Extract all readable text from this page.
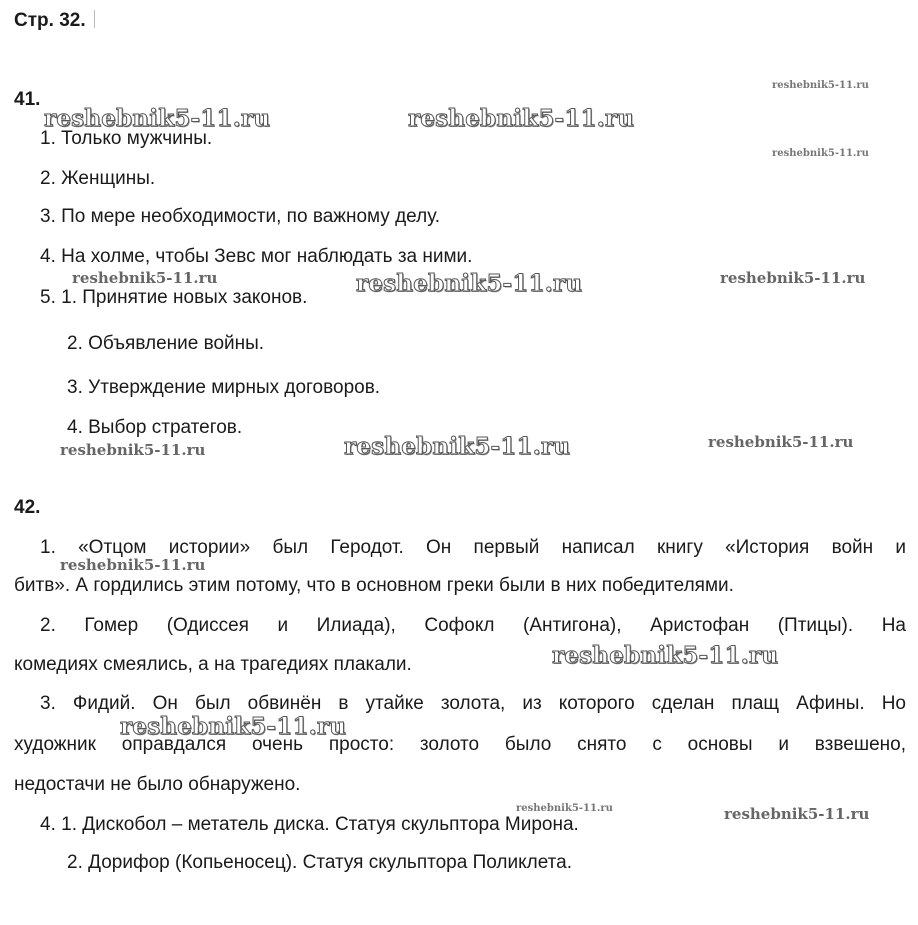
Стр. 32.
41.
1. Только мужчины.
2. Женщины.
3. По мере необходимости, по важному делу.
4. На холме, чтобы Зевс мог наблюдать за ними.
5. 1. Принятие новых законов.
2. Объявление войны.
3. Утверждение мирных договоров.
4. Выбор стратегов.
42.
1. «Отцом истории» был Геродот. Он первый написал книгу «История войн и
битв». А гордились этим потому, что в основном греки были в них победителями.
2. Гомер (Одиссея и Илиада), Софокл (Антигона), Аристофан (Птицы). На
комедиях смеялись, а на трагедиях плакали.
3. Фидий. Он был обвинён в утайке золота, из которого сделан плащ Афины. Но
художник оправдался очень просто: золото было снято с основы и взвешено,
недостачи не было обнаружено.
4. 1. Дискобол – метатель диска. Статуя скульптора Мирона.
2. Дорифор (Копьеносец). Статуя скульптора Поликлета.
reshebnik5-11.ru	reshebnik5-11.ru
reshebnik5-11.ru
reshebnik5-11.ru
reshebnik5-11.ru	reshebnik5-11.ru	reshebnik5-11.ru
reshebnik5-11.ru	reshebnik5-11.ru	reshebnik5-11.ru
reshebnik5-11.ru
reshebnik5-11.ru
reshebnik5-11.ru
reshebnik5-11.ru	reshebnik5-11.ru
